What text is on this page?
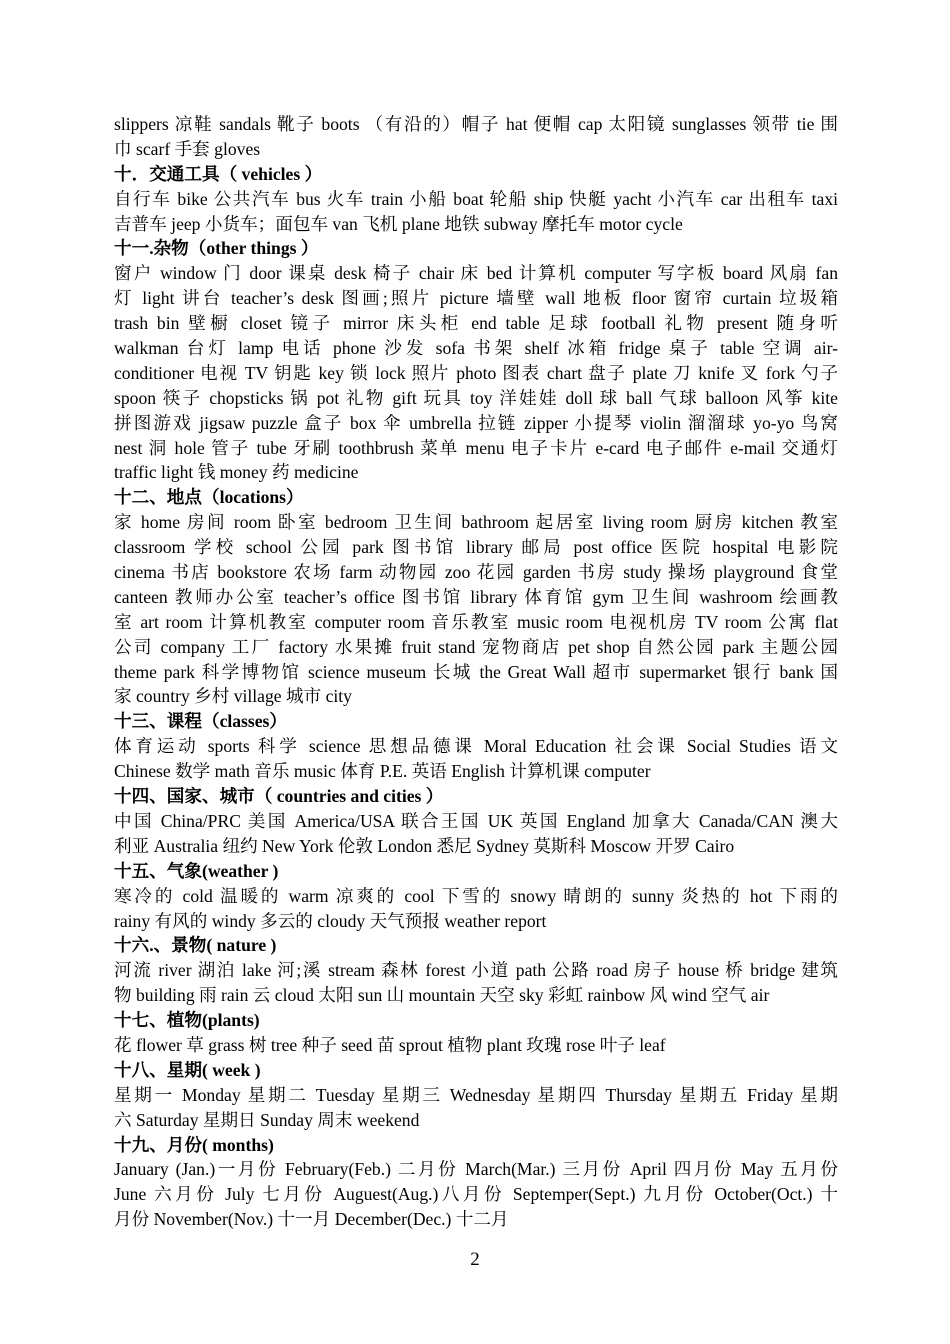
slippers 凉鞋 sandals 靴子 boots （有沿的）帽子 hat 便帽 cap 太阳镜 sunglasses 领带 tie 围
巾 scarf 手套 gloves
十．交通工具（ vehicles ）
自行车 bike 公共汽车 bus 火车 train 小船 boat 轮船 ship 快艇 yacht 小汽车 car 出租车 taxi
吉普车 jeep 小货车；面包车 van 飞机 plane 地铁 subway 摩托车 motor cycle
十一.杂物（other things ）
窗户 window 门 door 课桌 desk 椅子 chair 床 bed 计算机 computer 写字板 board 风扇 fan
灯 light 讲台 teacher’s desk 图画;照片 picture 墙壁 wall 地板 floor 窗帘 curtain 垃圾箱
trash bin 壁橱 closet 镜子 mirror 床头柜 end table 足球 football 礼物 present 随身听
walkman 台灯 lamp 电话 phone 沙发 sofa 书架 shelf 冰箱 fridge 桌子 table 空调 air-
conditioner 电视 TV 钥匙 key 锁 lock 照片 photo 图表 chart 盘子 plate 刀 knife 叉 fork 勺子
spoon 筷子 chopsticks 锅 pot 礼物 gift 玩具 toy 洋娃娃 doll 球 ball 气球 balloon 风筝 kite
拼图游戏 jigsaw puzzle 盒子 box 伞 umbrella 拉链 zipper 小提琴 violin 溜溜球 yo-yo 鸟窝
nest 洞 hole 管子 tube 牙刷 toothbrush 菜单 menu 电子卡片 e-card 电子邮件 e-mail 交通灯
traffic light 钱 money 药 medicine
十二、地点（locations）
家 home 房间 room 卧室 bedroom 卫生间 bathroom 起居室 living room 厨房 kitchen 教室
classroom 学校 school 公园 park 图书馆 library 邮局 post office 医院 hospital 电影院
cinema 书店 bookstore 农场 farm 动物园 zoo 花园 garden 书房 study 操场 playground 食堂
canteen 教师办公室 teacher’s office 图书馆 library 体育馆 gym 卫生间 washroom 绘画教
室 art room 计算机教室 computer room 音乐教室 music room 电视机房 TV room 公寓 flat
公司 company 工厂 factory 水果摊 fruit stand 宠物商店 pet shop 自然公园 park 主题公园
theme park 科学博物馆 science museum 长城 the Great Wall 超市 supermarket 银行 bank 国
家 country 乡村 village 城市 city
十三、课程（classes）
体育运动 sports 科学 science 思想品德课 Moral Education 社会课 Social Studies 语文
Chinese 数学 math 音乐 music 体育 P.E. 英语 English 计算机课 computer
十四、国家、城市（ countries and cities ）
中国 China/PRC 美国 America/USA 联合王国 UK 英国 England 加拿大 Canada/CAN 澳大
利亚 Australia 纽约 New York 伦敦 London 悉尼 Sydney 莫斯科 Moscow 开罗 Cairo
十五、气象(weather )
寒冷的 cold 温暖的 warm 凉爽的 cool 下雪的 snowy 晴朗的 sunny 炎热的 hot 下雨的
rainy 有风的 windy 多云的 cloudy 天气预报 weather report
十六.、景物( nature )
河流 river 湖泊 lake 河;溪 stream 森林 forest 小道 path 公路 road 房子 house 桥 bridge 建筑
物 building 雨 rain 云 cloud 太阳 sun 山 mountain 天空 sky 彩虹 rainbow 风 wind 空气 air
十七、植物(plants)
花 flower 草 grass 树 tree 种子 seed 苗 sprout 植物 plant 玫瑰 rose 叶子 leaf
十八、星期( week )
星期一 Monday 星期二 Tuesday 星期三 Wednesday 星期四 Thursday 星期五 Friday 星期
六 Saturday 星期日 Sunday 周末 weekend
十九、月份( months)
January (Jan.)一月份 February(Feb.) 二月份 March(Mar.) 三月份 April 四月份 May 五月份
June 六月份 July 七月份 Auguest(Aug.)八月份 Septemper(Sept.) 九月份 October(Oct.) 十
月份 November(Nov.) 十一月 December(Dec.) 十二月
2
